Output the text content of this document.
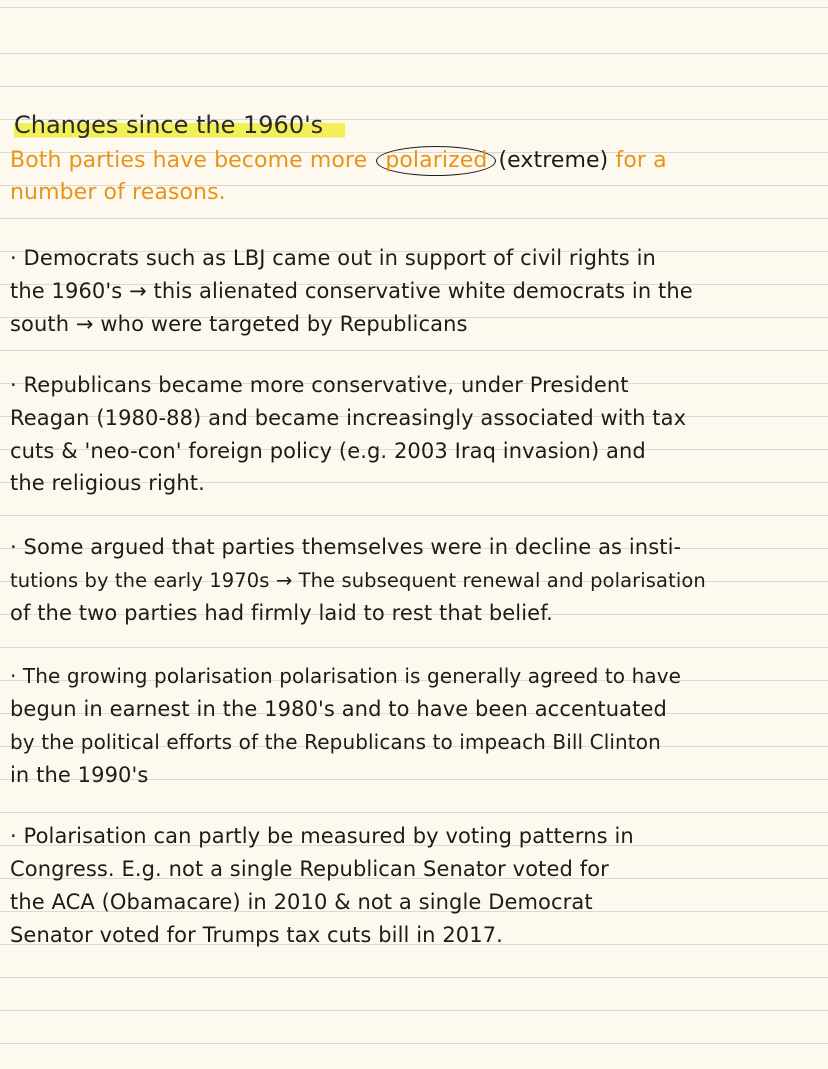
Changes since the 1960's
Both parties have become more polarized (extreme) for a
number of reasons.
· Democrats such as LBJ came out in support of civil rights in
the 1960's → this alienated conservative white democrats in the
south → who were targeted by Republicans
· Republicans became more conservative, under President
Reagan (1980-88) and became increasingly associated with tax
cuts & 'neo-con' foreign policy (e.g. 2003 Iraq invasion) and
the religious right.
· Some argued that parties themselves were in decline as insti-
tutions by the early 1970s → The subsequent renewal and polarisation
of the two parties had firmly laid to rest that belief.
· The growing polarisation polarisation is generally agreed to have
begun in earnest in the 1980's and to have been accentuated
by the political efforts of the Republicans to impeach Bill Clinton
in the 1990's
· Polarisation can partly be measured by voting patterns in
Congress. E.g. not a single Republican Senator voted for
the ACA (Obamacare) in 2010 & not a single Democrat
Senator voted for Trumps tax cuts bill in 2017.
